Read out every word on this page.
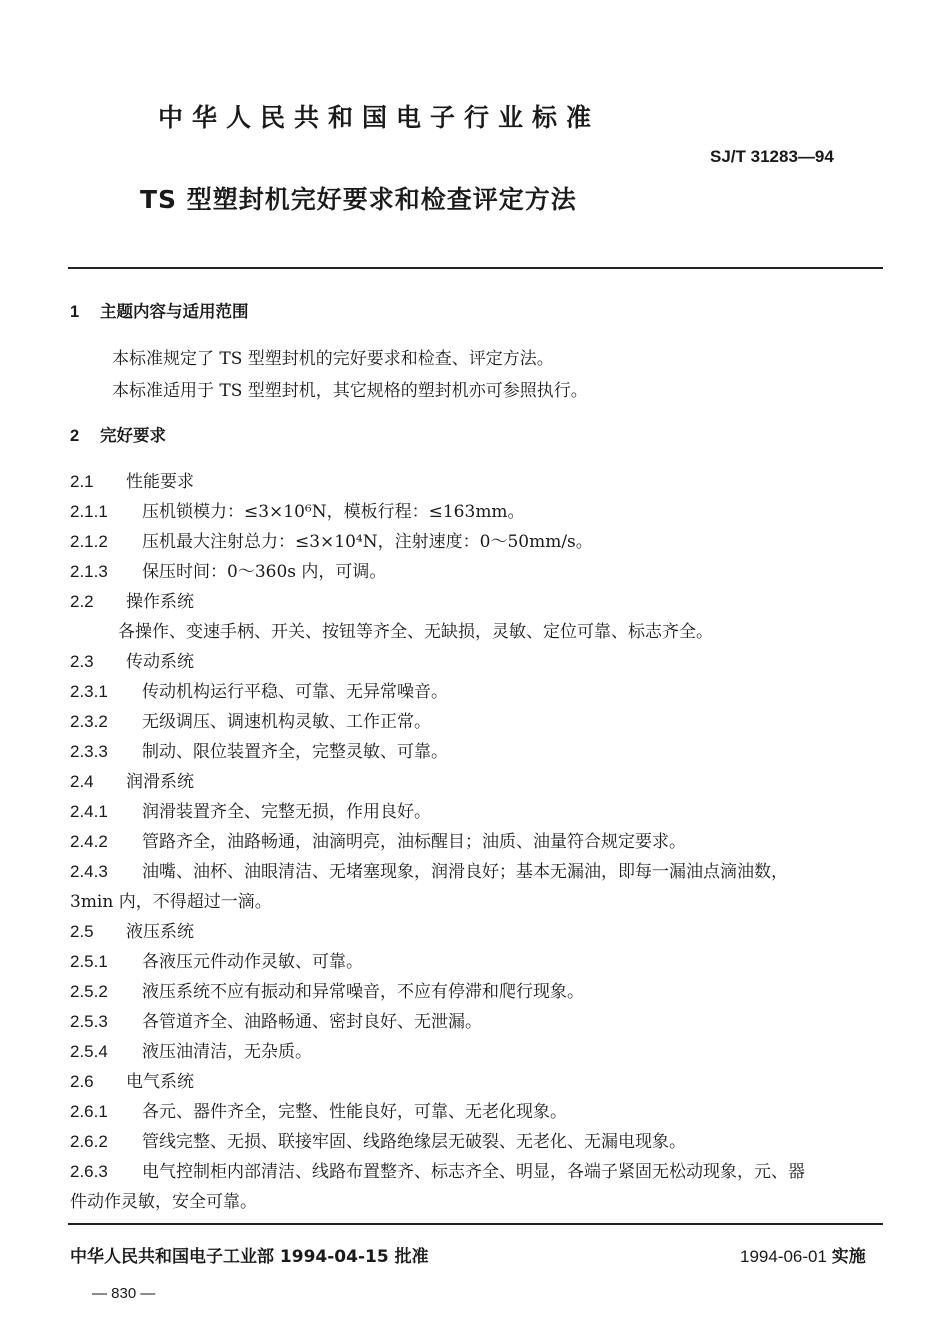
中华人民共和国电子行业标准
SJ/T 31283—94
TS 型塑封机完好要求和检查评定方法
1 主题内容与适用范围
本标准规定了 TS 型塑封机的完好要求和检查、评定方法。
本标准适用于 TS 型塑封机，其它规格的塑封机亦可参照执行。
2 完好要求
2.1 性能要求
2.1.1 压机锁模力：≤3×10⁶N，模板行程：≤163mm。
2.1.2 压机最大注射总力：≤3×10⁴N，注射速度：0～50mm/s。
2.1.3 保压时间：0～360s 内，可调。
2.2 操作系统
各操作、变速手柄、开关、按钮等齐全、无缺损，灵敏、定位可靠、标志齐全。
2.3 传动系统
2.3.1 传动机构运行平稳、可靠、无异常噪音。
2.3.2 无级调压、调速机构灵敏、工作正常。
2.3.3 制动、限位装置齐全，完整灵敏、可靠。
2.4 润滑系统
2.4.1 润滑装置齐全、完整无损，作用良好。
2.4.2 管路齐全，油路畅通，油滴明亮，油标醒目；油质、油量符合规定要求。
2.4.3 油嘴、油杯、油眼清洁、无堵塞现象，润滑良好；基本无漏油，即每一漏油点滴油数，
3min 内，不得超过一滴。
2.5 液压系统
2.5.1 各液压元件动作灵敏、可靠。
2.5.2 液压系统不应有振动和异常噪音，不应有停滞和爬行现象。
2.5.3 各管道齐全、油路畅通、密封良好、无泄漏。
2.5.4 液压油清洁，无杂质。
2.6 电气系统
2.6.1 各元、器件齐全，完整、性能良好，可靠、无老化现象。
2.6.2 管线完整、无损、联接牢固、线路绝缘层无破裂、无老化、无漏电现象。
2.6.3 电气控制柜内部清洁、线路布置整齐、标志齐全、明显，各端子紧固无松动现象，元、器
件动作灵敏，安全可靠。
中华人民共和国电子工业部 1994-04-15 批准	1994-06-01 实施
— 830 —
